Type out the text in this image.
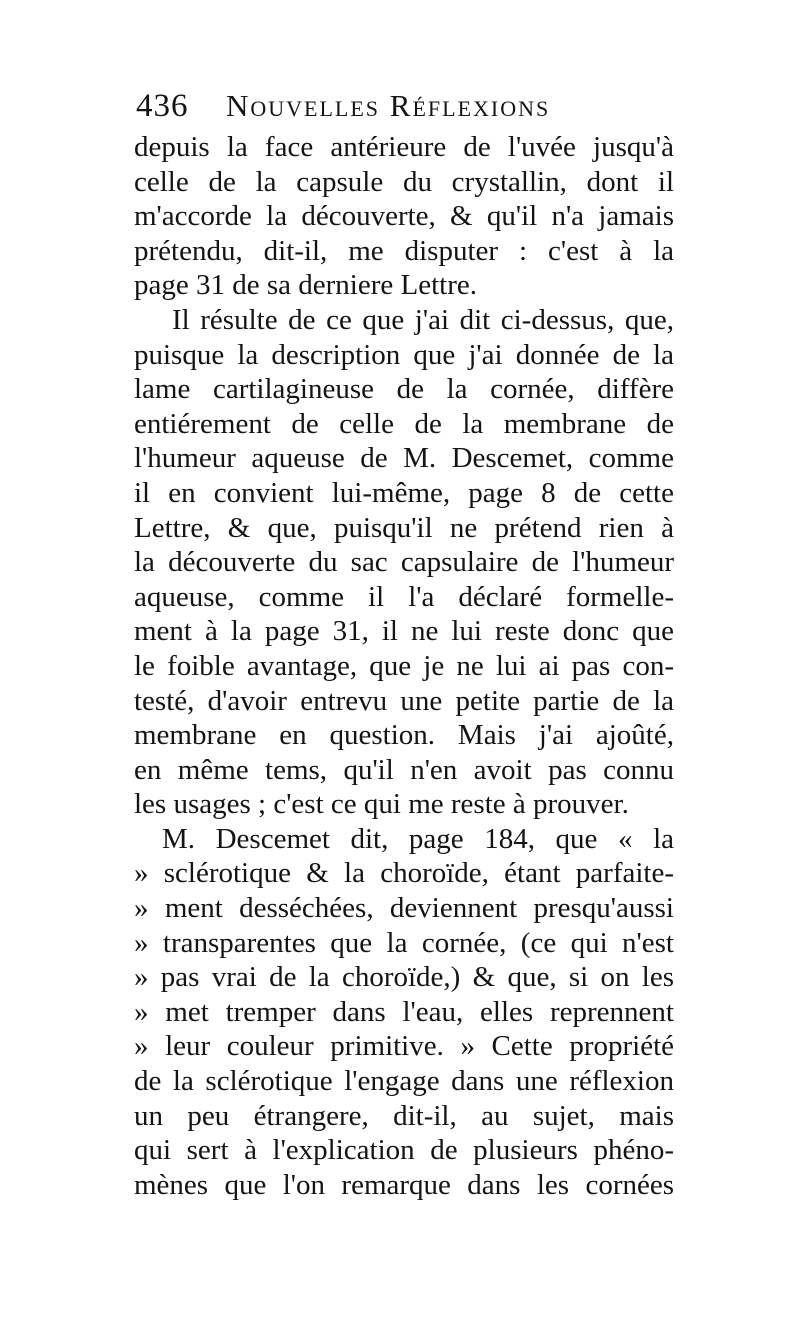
436 Nouvelles Réflexions
depuis la face antérieure de l'uvée jusqu'à
celle de la capsule du crystallin, dont il
m'accorde la découverte, & qu'il n'a jamais
prétendu, dit-il, me disputer : c'est à la
page 31 de sa derniere Lettre.
Il résulte de ce que j'ai dit ci-dessus, que,
puisque la description que j'ai donnée de la
lame cartilagineuse de la cornée, diffère
entiérement de celle de la membrane de
l'humeur aqueuse de M. Descemet, comme
il en convient lui-même, page 8 de cette
Lettre, & que, puisqu'il ne prétend rien à
la découverte du sac capsulaire de l'humeur
aqueuse, comme il l'a déclaré formelle-
ment à la page 31, il ne lui reste donc que
le foible avantage, que je ne lui ai pas con-
testé, d'avoir entrevu une petite partie de la
membrane en question. Mais j'ai ajoûté,
en même tems, qu'il n'en avoit pas connu
les usages ; c'est ce qui me reste à prouver.
M. Descemet dit, page 184, que « la
» sclérotique & la choroïde, étant parfaite-
» ment desséchées, deviennent presqu'aussi
» transparentes que la cornée, (ce qui n'est
» pas vrai de la choroïde,) & que, si on les
» met tremper dans l'eau, elles reprennent
» leur couleur primitive. » Cette propriété
de la sclérotique l'engage dans une réflexion
un peu étrangere, dit-il, au sujet, mais
qui sert à l'explication de plusieurs phéno-
mènes que l'on remarque dans les cornées
